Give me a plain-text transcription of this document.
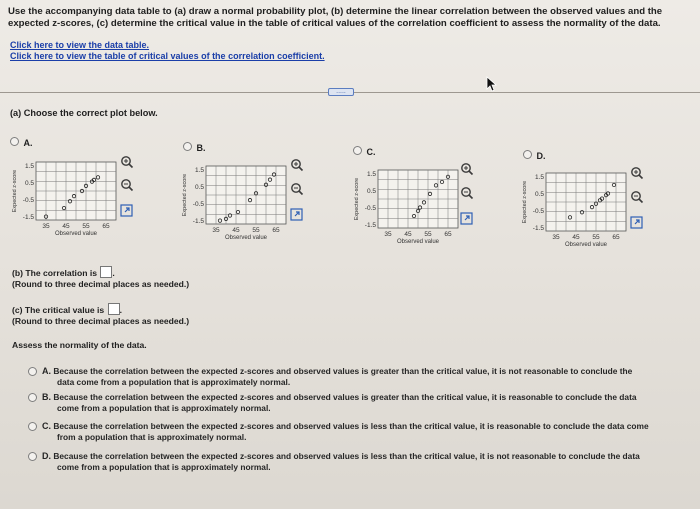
Use the accompanying data table to (a) draw a normal probability plot, (b) determine the linear correlation between the observed values and the expected z-scores, (c) determine the critical value in the table of critical values of the correlation coefficient to assess the normality of the data.
Click here to view the data table.
Click here to view the table of critical values of the correlation coefficient.
.....
(a) Choose the correct plot below.
A.	B.	C.	D.
1.5
0.5
-0.5
-1.5
35 45 55 65
Observed value
Expected z-score	1.5
0.5
-0.5
-1.5
35 45 55 65
Observed value
Expected z-score	1.5
0.5
-0.5
-1.5
35 45 55 65
Observed value
Expected z-score
1.5
0.5
-0.5
-1.5
35 45 55 65
Observed value
Expected z-score
(b) The correlation is .
(Round to three decimal places as needed.)
(c) The critical value is .
(Round to three decimal places as needed.)
Assess the normality of the data.
A. Because the correlation between the expected z-scores and observed values is greater than the critical value, it is not reasonable to conclude the
data come from a population that is approximately normal.
B. Because the correlation between the expected z-scores and observed values is greater than the critical value, it is reasonable to conclude the data
come from a population that is approximately normal.
C. Because the correlation between the expected z-scores and observed values is less than the critical value, it is reasonable to conclude the data come
from a population that is approximately normal.
D. Because the correlation between the expected z-scores and observed values is less than the critical value, it is not reasonable to conclude the data
come from a population that is approximately normal.
